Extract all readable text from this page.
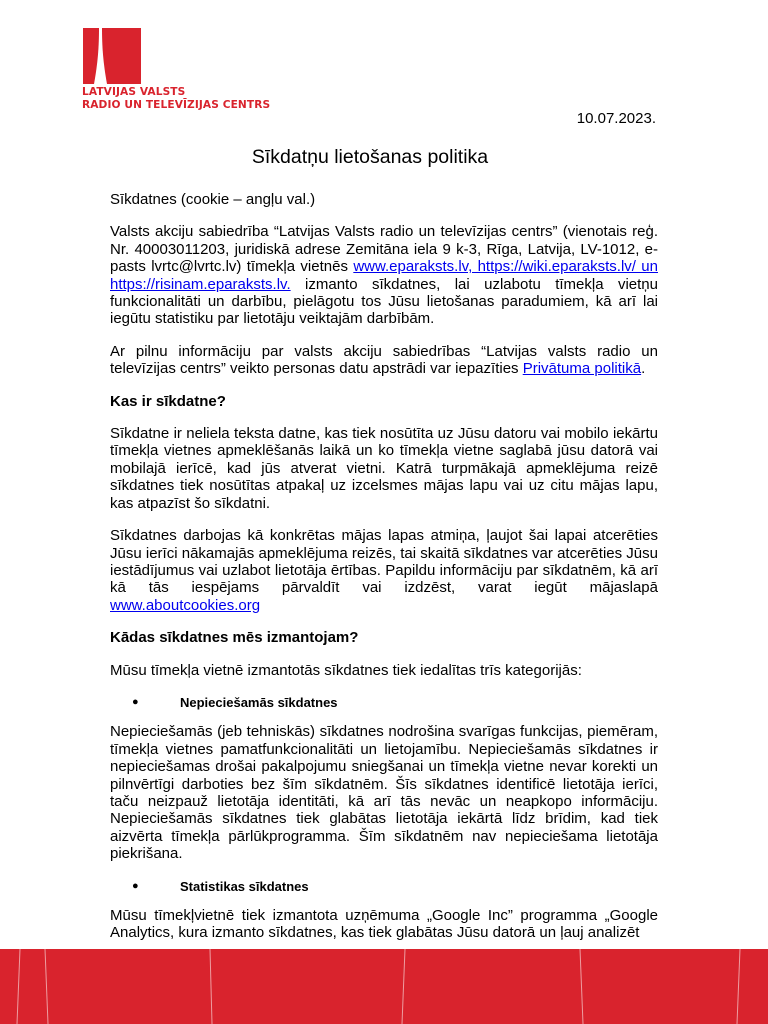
LATVIJAS VALSTS
RADIO UN TELEVĪZIJAS CENTRS
10.07.2023.
Sīkdatņu lietošanas politika

Sīkdatnes (cookie – angļu val.)

Valsts akciju sabiedrība “Latvijas Valsts radio un televīzijas centrs” (vienotais reģ. Nr. 40003011203, juridiskā adrese Zemitāna iela 9 k-3, Rīga, Latvija, LV-1012, e-pasts lvrtc@lvrtc.lv) tīmekļa vietnēs www.eparaksts.lv, https://wiki.eparaksts.lv/ un https://risinam.eparaksts.lv. izmanto sīkdatnes, lai uzlabotu tīmekļa vietņu funkcionalitāti un darbību, pielāgotu tos Jūsu lietošanas paradumiem, kā arī lai iegūtu statistiku par lietotāju veiktajām darbībām.

Ar pilnu informāciju par valsts akciju sabiedrības “Latvijas valsts radio un televīzijas centrs” veikto personas datu apstrādi var iepazīties Privātuma politikā.

Kas ir sīkdatne?

Sīkdatne ir neliela teksta datne, kas tiek nosūtīta uz Jūsu datoru vai mobilo iekārtu tīmekļa vietnes apmeklēšanās laikā un ko tīmekļa vietne saglabā jūsu datorā vai mobilajā ierīcē, kad jūs atverat vietni. Katrā turpmākajā apmeklējuma reizē sīkdatnes tiek nosūtītas atpakaļ uz izcelsmes mājas lapu vai uz citu mājas lapu, kas atpazīst šo sīkdatni.

Sīkdatnes darbojas kā konkrētas mājas lapas atmiņa, ļaujot šai lapai atcerēties Jūsu ierīci nākamajās apmeklējuma reizēs, tai skaitā sīkdatnes var atcerēties Jūsu iestādījumus vai uzlabot lietotāja ērtības. Papildu informāciju par sīkdatnēm, kā arī kā tās iespējams pārvaldīt vai izdzēst, varat iegūt mājaslapā www.aboutcookies.org

Kādas sīkdatnes mēs izmantojam?

Mūsu tīmekļa vietnē izmantotās sīkdatnes tiek iedalītas trīs kategorijās:

●	Nepieciešamās sīkdatnes

Nepieciešamās (jeb tehniskās) sīkdatnes nodrošina svarīgas funkcijas, piemēram, tīmekļa vietnes pamatfunkcionalitāti un lietojamību. Nepieciešamās sīkdatnes ir nepieciešamas drošai pakalpojumu sniegšanai un tīmekļa vietne nevar korekti un pilnvērtīgi darboties bez šīm sīkdatnēm. Šīs sīkdatnes identificē lietotāja ierīci, taču neizpauž lietotāja identitāti, kā arī tās nevāc un neapkopo informāciju. Nepieciešamās sīkdatnes tiek glabātas lietotāja iekārtā līdz brīdim, kad tiek aizvērta tīmekļa pārlūkprogramma. Šīm sīkdatnēm nav nepieciešama lietotāja piekrišana.

●	Statistikas sīkdatnes

Mūsu tīmekļvietnē tiek izmantota uzņēmuma „Google Inc” programma „Google Analytics, kura izmanto sīkdatnes, kas tiek glabātas Jūsu datorā un ļauj analizēt
